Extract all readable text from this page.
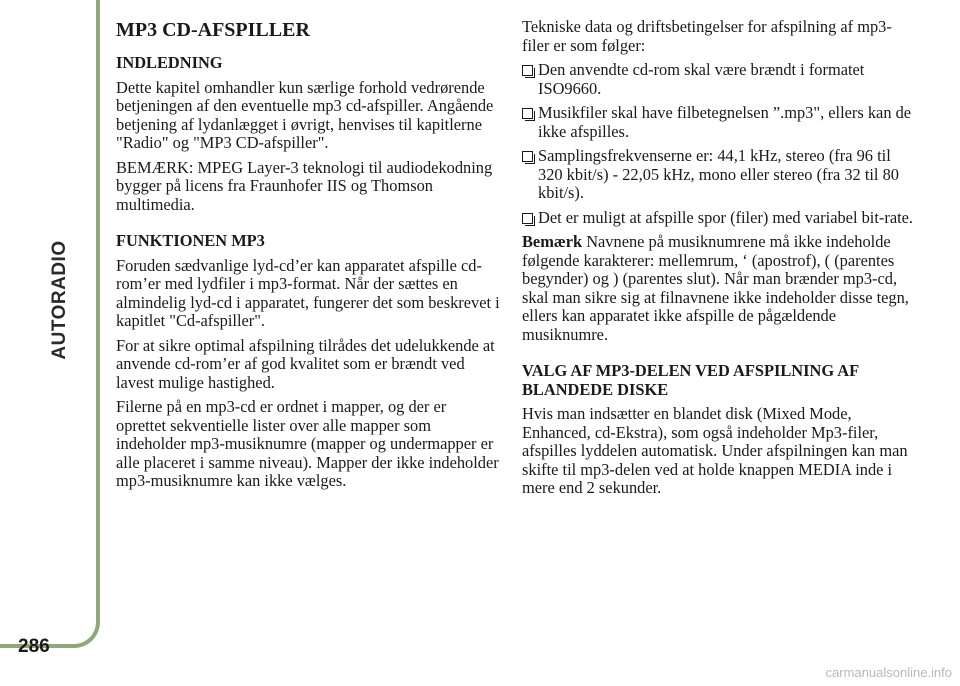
AUTORADIO
286
MP3 CD-AFSPILLER
INDLEDNING

Dette kapitel omhandler kun særlige forhold vedrørende betjeningen af den eventuelle mp3 cd-afspiller. Angående betjening af lydanlægget i øvrigt, henvises til kapitlerne "Radio" og "MP3 CD-afspiller".

BEMÆRK: MPEG Layer-3 teknologi til audiodekodning bygger på licens fra Fraunhofer IIS og Thomson multimedia.

FUNKTIONEN MP3

Foruden sædvanlige lyd-cd’er kan apparatet afspille cd-rom’er med lydfiler i mp3-format. Når der sættes en almindelig lyd-cd i apparatet, fungerer det som beskrevet i kapitlet "Cd-afspiller".

For at sikre optimal afspilning tilrådes det udelukkende at anvende cd-rom’er af god kvalitet som er brændt ved lavest mulige hastighed.

Filerne på en mp3-cd er ordnet i mapper, og der er oprettet sekventielle lister over alle mapper som indeholder mp3-musiknumre (mapper og undermapper er alle placeret i samme niveau). Mapper der ikke indeholder mp3-musiknumre kan ikke vælges.

Tekniske data og driftsbetingelser for afspilning af mp3-filer er som følger:

Den anvendte cd-rom skal være brændt i formatet ISO9660.
Musikfiler skal have filbetegnelsen ”.mp3", ellers kan de ikke afspilles.
Samplingsfrekvenserne er: 44,1 kHz, stereo (fra 96 til 320 kbit/s) - 22,05 kHz, mono eller stereo (fra 32 til 80 kbit/s).
Det er muligt at afspille spor (filer) med variabel bit-rate.

Bemærk Navnene på musiknumrene må ikke indeholde følgende karakterer: mellemrum, ‘ (apostrof), ( (parentes begynder) og ) (parentes slut). Når man brænder mp3-cd, skal man sikre sig at filnavnene ikke indeholder disse tegn, ellers kan apparatet ikke afspille de pågældende musiknumre.

VALG AF MP3-DELEN VED AFSPILNING AF BLANDEDE DISKE

Hvis man indsætter en blandet disk (Mixed Mode, Enhanced, cd-Ekstra), som også indeholder Mp3-filer, afspilles lyddelen automatisk. Under afspilningen kan man skifte til mp3-delen ved at holde knappen MEDIA inde i mere end 2 sekunder.

carmanualsonline.info
